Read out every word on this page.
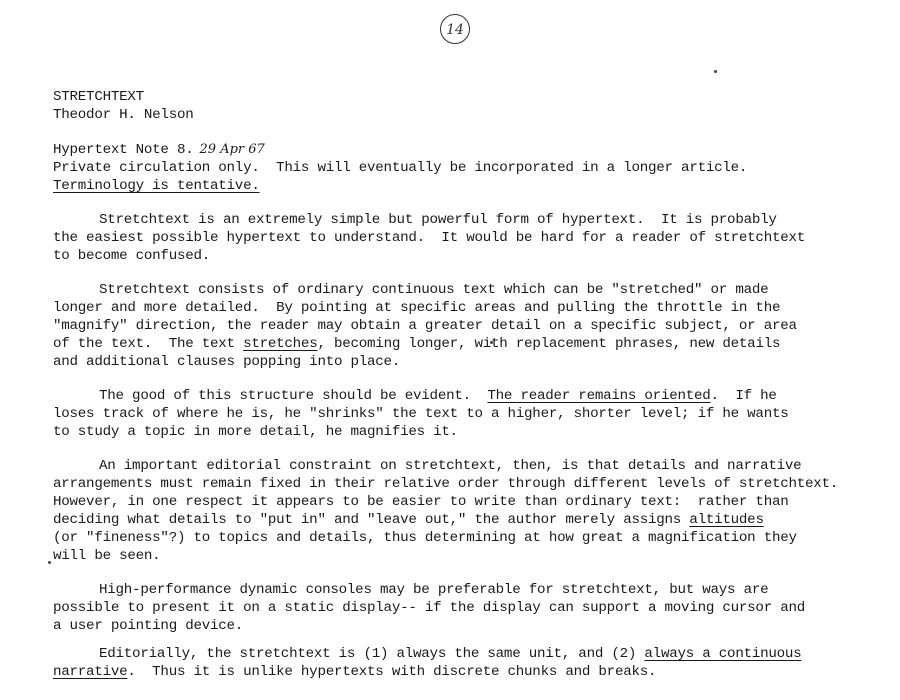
14

STRETCHTEXT

Theodor H. Nelson

Hypertext Note 8. 29 Apr 67

Private circulation only.  This will eventually be incorporated in a longer article.

Terminology is tentative.

Stretchtext is an extremely simple but powerful form of hypertext.  It is probably

the easiest possible hypertext to understand.  It would be hard for a reader of stretchtext

to become confused.

Stretchtext consists of ordinary continuous text which can be "stretched" or made

longer and more detailed.  By pointing at specific areas and pulling the throttle in the

"magnify" direction, the reader may obtain a greater detail on a specific subject, or area

of the text.  The text stretches, becoming longer, with replacement phrases, new details

and additional clauses popping into place.

The good of this structure should be evident.  The reader remains oriented.  If he

loses track of where he is, he "shrinks" the text to a higher, shorter level; if he wants

to study a topic in more detail, he magnifies it.

An important editorial constraint on stretchtext, then, is that details and narrative

arrangements must remain fixed in their relative order through different levels of stretchtext.

However, in one respect it appears to be easier to write than ordinary text:  rather than

deciding what details to "put in" and "leave out," the author merely assigns altitudes

(or "fineness"?) to topics and details, thus determining at how great a magnification they

will be seen.

High-performance dynamic consoles may be preferable for stretchtext, but ways are

possible to present it on a static display-- if the display can support a moving cursor and

a user pointing device.

Editorially, the stretchtext is (1) always the same unit, and (2) always a continuous

narrative.  Thus it is unlike hypertexts with discrete chunks and breaks.
